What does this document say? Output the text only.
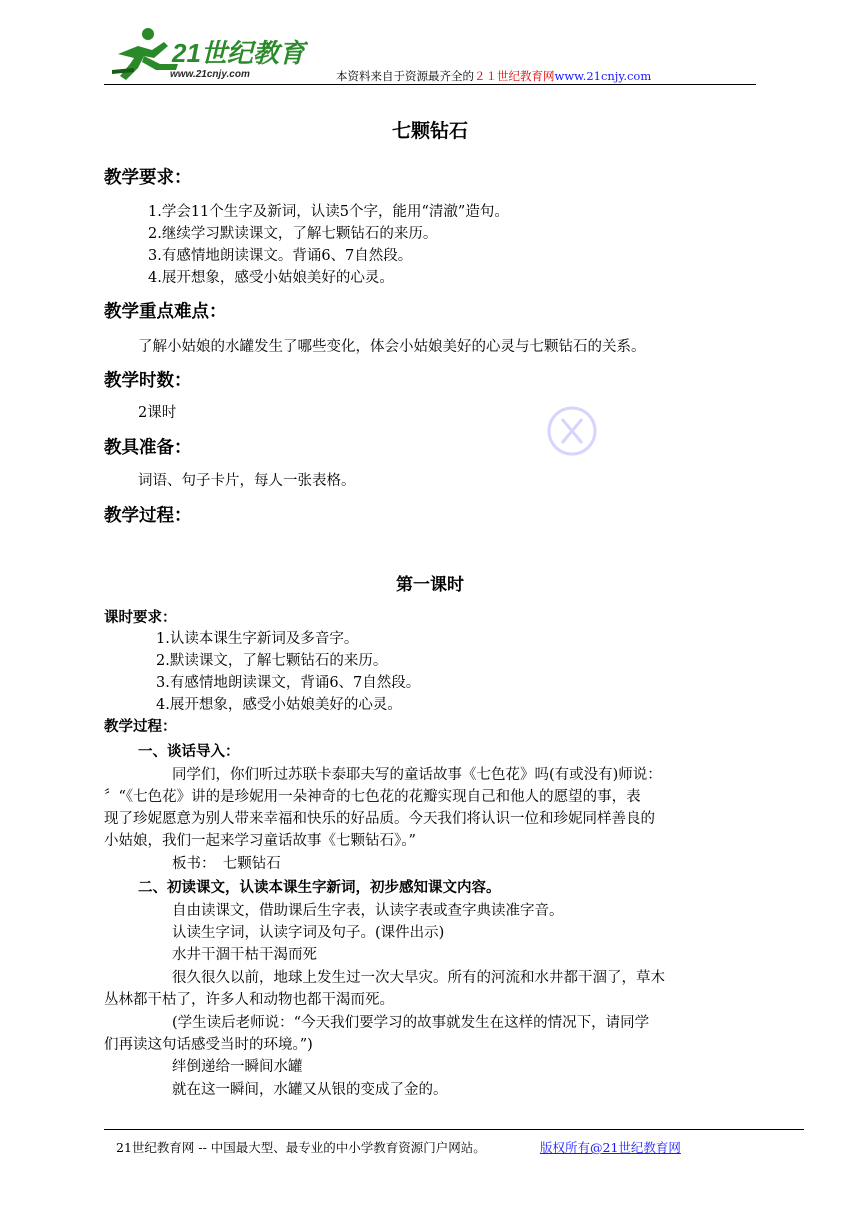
21世纪教育
www.21cnjy.com	本资料来自于资源最齐全的２１世纪教育网www.21cnjy.com
七颗钻石
教学要求：
1.学会11个生字及新词，认读5个字，能用“清澈”造句。
2.继续学习默读课文，了解七颗钻石的来历。
3.有感情地朗读课文。背诵6、7自然段。
4.展开想象，感受小姑娘美好的心灵。
教学重点难点：
了解小姑娘的水罐发生了哪些变化，体会小姑娘美好的心灵与七颗钻石的关系。
教学时数：
2课时
教具准备：
词语、句子卡片，每人一张表格。
教学过程：
第一课时
课时要求：
1.认读本课生字新词及多音字。
2.默读课文，了解七颗钻石的来历。
3.有感情地朗读课文，背诵6、7自然段。
4.展开想象，感受小姑娘美好的心灵。
教学过程：
一、谈话导入：
同学们，你们听过苏联卡泰耶夫写的童话故事《七色花》吗(有或没有)师说：
〞“《七色花》讲的是珍妮用一朵神奇的七色花的花瓣实现自己和他人的愿望的事，表
现了珍妮愿意为别人带来幸福和快乐的好品质。今天我们将认识一位和珍妮同样善良的
小姑娘，我们一起来学习童话故事《七颗钻石》。”
板书：　七颗钻石
二、初读课文，认读本课生字新词，初步感知课文内容。
自由读课文，借助课后生字表，认读字表或查字典读准字音。
认读生字词，认读字词及句子。(课件出示)
水井干涸干枯干渴而死
很久很久以前，地球上发生过一次大旱灾。所有的河流和水井都干涸了，草木
丛林都干枯了，许多人和动物也都干渴而死。
(学生读后老师说：“今天我们要学习的故事就发生在这样的情况下，请同学
们再读这句话感受当时的环境。”)
绊倒递给一瞬间水罐
就在这一瞬间，水罐又从银的变成了金的。
21世纪教育网 -- 中国最大型、最专业的中小学教育资源门户网站。	版权所有@21世纪教育网
